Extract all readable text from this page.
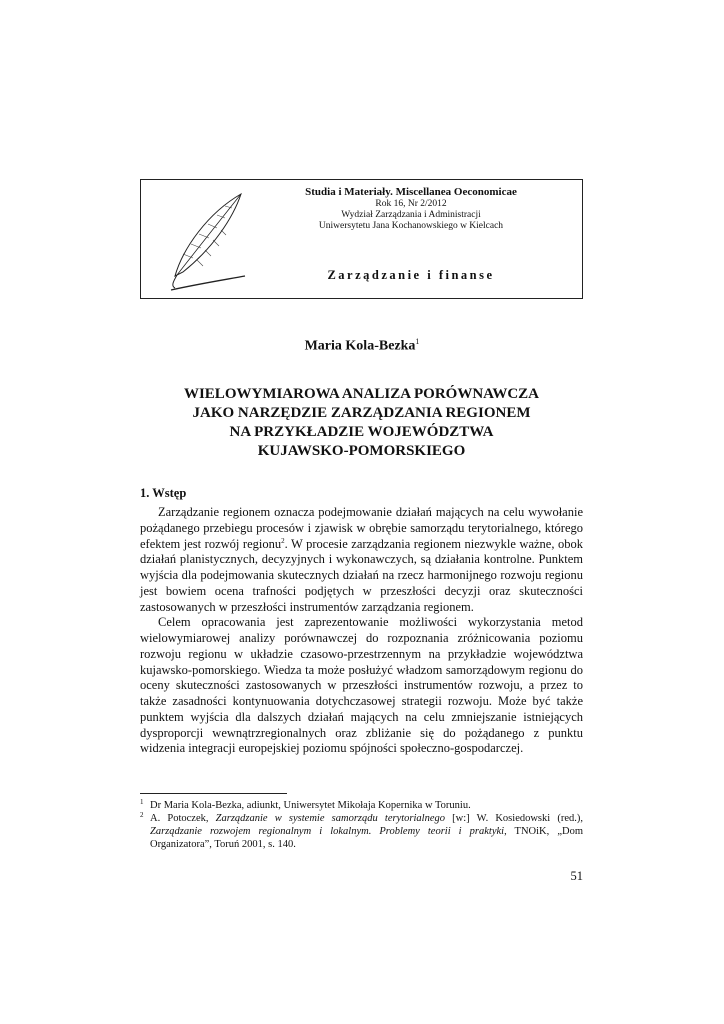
Studia i Materiały. Miscellanea Oeconomicae
Rok 16, Nr 2/2012
Wydział Zarządzania i Administracji
Uniwersytetu Jana Kochanowskiego w Kielcach
Zarządzanie i finanse
Maria Kola-Bezka$^1$
WIELOWYMIAROWA ANALIZA PORÓWNAWCZA
JAKO NARZĘDZIE ZARZĄDZANIA REGIONEM
NA PRZYKŁADZIE WOJEWÓDZTWA
KUJAWSKO-POMORSKIEGO
1. Wstęp

Zarządzanie regionem oznacza podejmowanie działań mających na celu wywołanie pożądanego przebiegu procesów i zjawisk w obrębie samorządu terytorialnego, którego efektem jest rozwój regionu$^2$. W procesie zarządzania regionem niezwykle ważne, obok działań planistycznych, decyzyjnych i wykonawczych, są działania kontrolne. Punktem wyjścia dla podejmowania skutecznych działań na rzecz harmonijnego rozwoju regionu jest bowiem ocena trafności podjętych w przeszłości decyzji oraz skuteczności zastosowanych w przeszłości instrumentów zarządzania regionem.

Celem opracowania jest zaprezentowanie możliwości wykorzystania metod wielowymiarowej analizy porównawczej do rozpoznania zróżnicowania poziomu rozwoju regionu w układzie czasowo-przestrzennym na przykładzie województwa kujawsko-pomorskiego. Wiedza ta może posłużyć władzom samorządowym regionu do oceny skuteczności zastosowanych w przeszłości instrumentów rozwoju, a przez to także zasadności kontynuowania dotychczasowej strategii rozwoju. Może być także punktem wyjścia dla dalszych działań mających na celu zmniejszanie istniejących dysproporcji wewnątrzregionalnych oraz zbliżanie się do pożądanego z punktu widzenia integracji europejskiej poziomu spójności społeczno-gospodarczej.

1 Dr Maria Kola-Bezka, adiunkt, Uniwersytet Mikołaja Kopernika w Toruniu.
2 A. Potoczek, Zarządzanie w systemie samorządu terytorialnego [w:] W. Kosiedowski (red.), Zarządzanie rozwojem regionalnym i lokalnym. Problemy teorii i praktyki, TNOiK, „Dom Organizatora”, Toruń 2001, s. 140.
51
